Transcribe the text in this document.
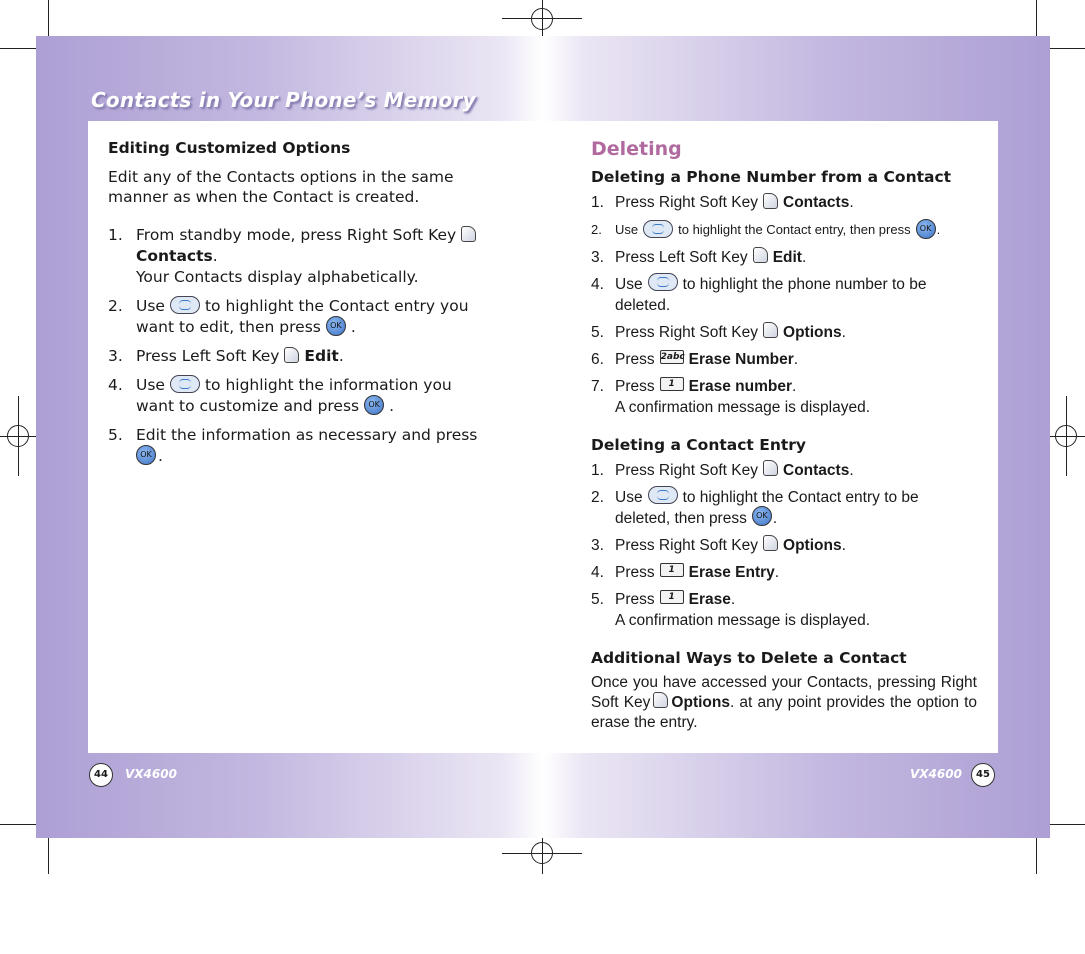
Contacts in Your Phone’s Memory

Editing Customized Options

Edit any of the Contacts options in the same manner as when the Contact is created.

1. From standby mode, press Right Soft KeyContacts.
Your Contacts display alphabetically.
2. Use	to highlight the Contact entry you want to edit, then press OK .
3. Press Left Soft Key Edit.
4. Use	to highlight the information you want to customize and press OK .
5. Edit the information as necessary and press
OK .

Deleting

Deleting a Phone Number from a Contact

1. Press Right Soft Key Contacts.
2. Use	to highlight the Contact entry, then press OK .
3. Press Left Soft Key Edit.
4. Use	to highlight the phone number to be deleted.
5. Press Right Soft Key Options.
6. Press 2abc Erase Number.
7. Press 1 Erase number.
A confirmation message is displayed.

Deleting a Contact Entry

1. Press Right Soft Key Contacts.
2. Use	to highlight the Contact entry to be deleted, then press OK .
3. Press Right Soft Key Options.
4. Press 1 Erase Entry.
5. Press 1 Erase.
A confirmation message is displayed.

Additional Ways to Delete a Contact

Once you have accessed your Contacts, pressing Right Soft Key Options. at any point provides the option to erase the entry.

44	VX4600	VX4600	45
